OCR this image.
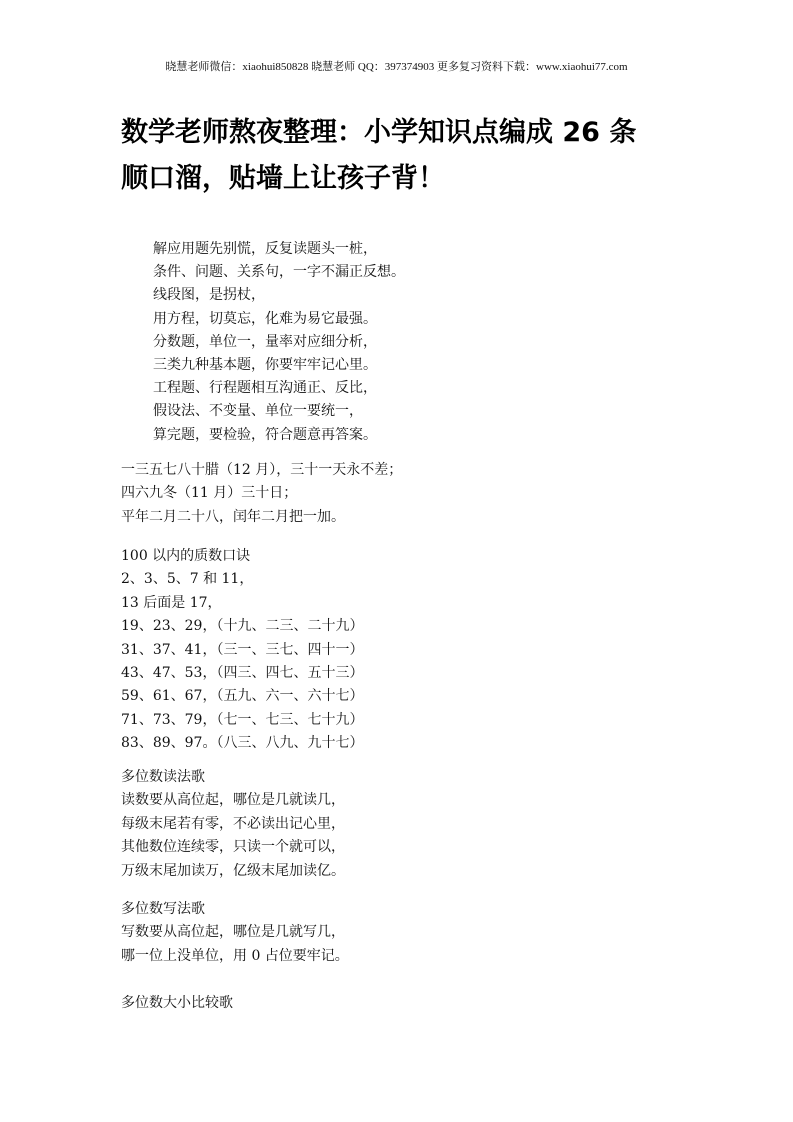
晓慧老师微信：xiaohui850828 晓慧老师 QQ：397374903 更多复习资料下载：www.xiaohui77.com
数学老师熬夜整理：小学知识点编成 26 条
顺口溜，贴墙上让孩子背！
解应用题先别慌，反复读题头一桩，
条件、问题、关系句，一字不漏正反想。
线段图，是拐杖，
用方程，切莫忘，化难为易它最强。
分数题，单位一，量率对应细分析，
三类九种基本题，你要牢牢记心里。
工程题、行程题相互沟通正、反比，
假设法、不变量、单位一要统一，
算完题，要检验，符合题意再答案。
一三五七八十腊（12 月），三十一天永不差；
四六九冬（11 月）三十日；
平年二月二十八，闰年二月把一加。
100 以内的质数口诀
2、3、5、7 和 11，
13 后面是 17，
19、23、29，（十九、二三、二十九）
31、37、41，（三一、三七、四十一）
43、47、53，（四三、四七、五十三）
59、61、67，（五九、六一、六十七）
71、73、79，（七一、七三、七十九）
83、89、97。（八三、八九、九十七）
多位数读法歌
读数要从高位起，哪位是几就读几，
每级末尾若有零，不必读出记心里，
其他数位连续零，只读一个就可以，
万级末尾加读万，亿级末尾加读亿。
多位数写法歌
写数要从高位起，哪位是几就写几，
哪一位上没单位，用 0 占位要牢记。
多位数大小比较歌
